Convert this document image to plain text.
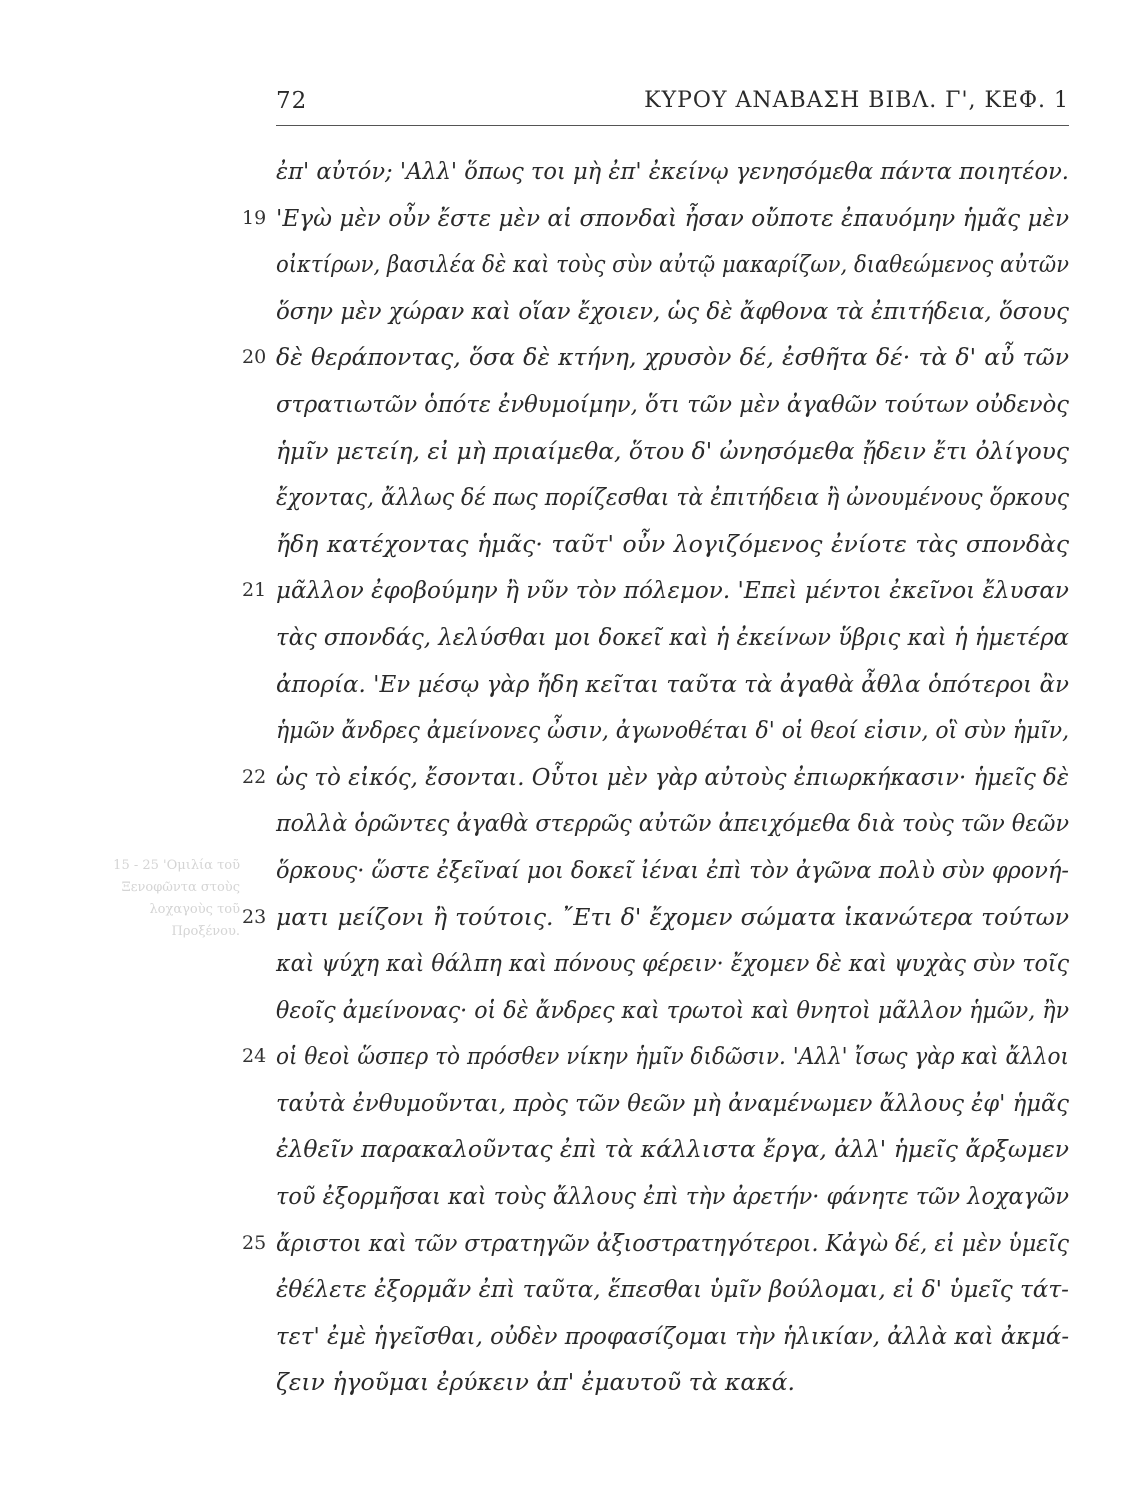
72	ΚΥΡΟΥ ΑΝΑΒΑΣΗ ΒΙΒΛ. Γ', ΚΕΦ. 1
15 - 25 'Ομιλία τοῦ Ξενοφῶντα στοὺς λοχαγοὺς τοῦ Προξένου.
ἐπ' αὐτόν; 'Αλλ' ὅπως τοι μὴ ἐπ' ἐκείνῳ γενησόμεθα πάντα ποιητέον.
19 'Εγὼ μὲν οὖν ἔστε μὲν αἱ σπονδαὶ ἦσαν οὔποτε ἐπαυόμην ἡμᾶς μὲν
οἰκτίρων, βασιλέα δὲ καὶ τοὺς σὺν αὐτῷ μακαρίζων, διαθεώμενος αὐτῶν
ὅσην μὲν χώραν καὶ οἵαν ἔχοιεν, ὡς δὲ ἄφθονα τὰ ἐπιτήδεια, ὅσους
20 δὲ θεράποντας, ὅσα δὲ κτήνη, χρυσὸν δέ, ἐσθῆτα δέ· τὰ δ' αὖ τῶν
στρατιωτῶν ὁπότε ἐνθυμοίμην, ὅτι τῶν μὲν ἀγαθῶν τούτων οὐδενὸς
ἡμῖν μετείη, εἰ μὴ πριαίμεθα, ὅτου δ' ὠνησόμεθα ᾔδειν ἔτι ὀλίγους
ἔχοντας, ἄλλως δέ πως πορίζεσθαι τὰ ἐπιτήδεια ἢ ὠνουμένους ὅρκους
ἤδη κατέχοντας ἡμᾶς· ταῦτ' οὖν λογιζόμενος ἐνίοτε τὰς σπονδὰς
21 μᾶλλον ἐφοβούμην ἢ νῦν τὸν πόλεμον. 'Επεὶ μέντοι ἐκεῖνοι ἔλυσαν
τὰς σπονδάς, λελύσθαι μοι δοκεῖ καὶ ἡ ἐκείνων ὕβρις καὶ ἡ ἡμετέρα
ἀπορία. 'Εν μέσῳ γὰρ ἤδη κεῖται ταῦτα τὰ ἀγαθὰ ἆθλα ὁπότεροι ἂν
ἡμῶν ἄνδρες ἀμείνονες ὦσιν, ἀγωνοθέται δ' οἱ θεοί εἰσιν, οἳ σὺν ἡμῖν,
22 ὡς τὸ εἰκός, ἔσονται. Οὗτοι μὲν γὰρ αὐτοὺς ἐπιωρκήκασιν· ἡμεῖς δὲ
πολλὰ ὁρῶντες ἀγαθὰ στερρῶς αὐτῶν ἀπειχόμεθα διὰ τοὺς τῶν θεῶν
ὅρκους· ὥστε ἐξεῖναί μοι δοκεῖ ἰέναι ἐπὶ τὸν ἀγῶνα πολὺ σὺν φρονή-
23 ματι μείζονι ἢ τούτοις. ῎Ετι δ' ἔχομεν σώματα ἱκανώτερα τούτων
καὶ ψύχη καὶ θάλπη καὶ πόνους φέρειν· ἔχομεν δὲ καὶ ψυχὰς σὺν τοῖς
θεοῖς ἀμείνονας· οἱ δὲ ἄνδρες καὶ τρωτοὶ καὶ θνητοὶ μᾶλλον ἡμῶν, ἢν
24 οἱ θεοὶ ὥσπερ τὸ πρόσθεν νίκην ἡμῖν διδῶσιν. 'Αλλ' ἴσως γὰρ καὶ ἄλλοι
ταὐτὰ ἐνθυμοῦνται, πρὸς τῶν θεῶν μὴ ἀναμένωμεν ἄλλους ἐφ' ἡμᾶς
ἐλθεῖν παρακαλοῦντας ἐπὶ τὰ κάλλιστα ἔργα, ἀλλ' ἡμεῖς ἄρξωμεν
τοῦ ἐξορμῆσαι καὶ τοὺς ἄλλους ἐπὶ τὴν ἀρετήν· φάνητε τῶν λοχαγῶν
25 ἄριστοι καὶ τῶν στρατηγῶν ἀξιοστρατηγότεροι. Κἀγὼ δέ, εἰ μὲν ὑμεῖς
ἐθέλετε ἐξορμᾶν ἐπὶ ταῦτα, ἕπεσθαι ὑμῖν βούλομαι, εἰ δ' ὑμεῖς τάτ-
τετ' ἐμὲ ἡγεῖσθαι, οὐδὲν προφασίζομαι τὴν ἡλικίαν, ἀλλὰ καὶ ἀκμά-
ζειν ἡγοῦμαι ἐρύκειν ἀπ' ἐμαυτοῦ τὰ κακά.
